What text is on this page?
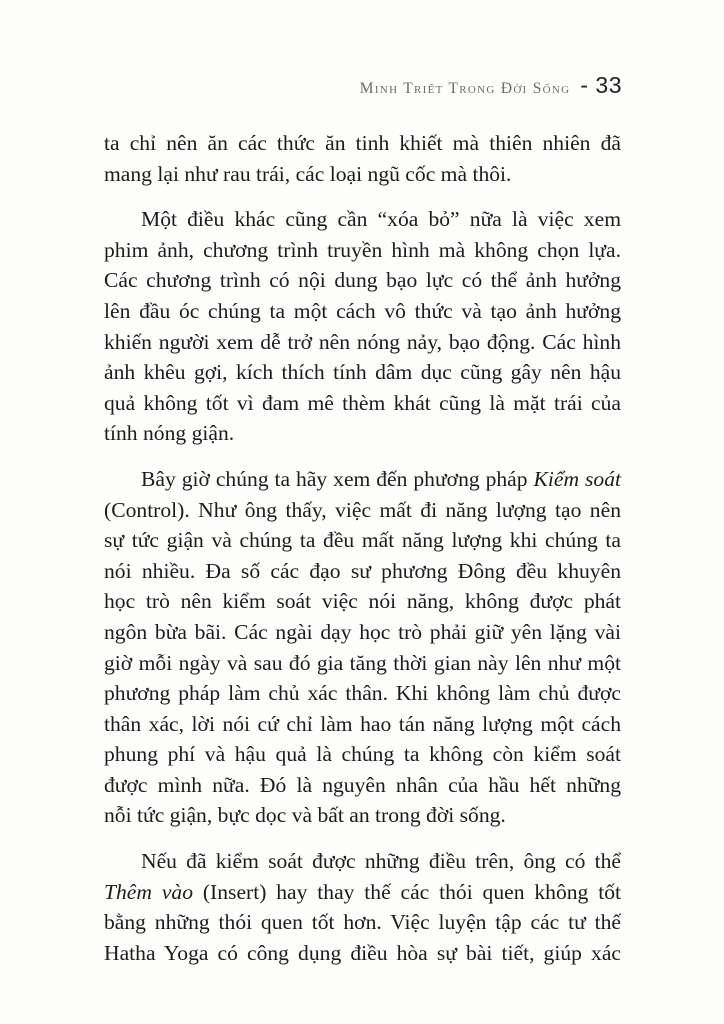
Minh Triết Trong Đời Sống - 33
ta chỉ nên ăn các thức ăn tinh khiết mà thiên nhiên đã
mang lại như rau trái, các loại ngũ cốc mà thôi.
Một điều khác cũng cần “xóa bỏ” nữa là việc xem
phim ảnh, chương trình truyền hình mà không chọn lựa.
Các chương trình có nội dung bạo lực có thể ảnh hưởng
lên đầu óc chúng ta một cách vô thức và tạo ảnh hưởng
khiến người xem dễ trở nên nóng nảy, bạo động. Các hình
ảnh khêu gợi, kích thích tính dâm dục cũng gây nên hậu
quả không tốt vì đam mê thèm khát cũng là mặt trái của
tính nóng giận.
Bây giờ chúng ta hãy xem đến phương pháp Kiểm soát
(Control). Như ông thấy, việc mất đi năng lượng tạo nên
sự tức giận và chúng ta đều mất năng lượng khi chúng ta
nói nhiều. Đa số các đạo sư phương Đông đều khuyên
học trò nên kiểm soát việc nói năng, không được phát
ngôn bừa bãi. Các ngài dạy học trò phải giữ yên lặng vài
giờ mỗi ngày và sau đó gia tăng thời gian này lên như một
phương pháp làm chủ xác thân. Khi không làm chủ được
thân xác, lời nói cứ chỉ làm hao tán năng lượng một cách
phung phí và hậu quả là chúng ta không còn kiểm soát
được mình nữa. Đó là nguyên nhân của hầu hết những
nỗi tức giận, bực dọc và bất an trong đời sống.
Nếu đã kiểm soát được những điều trên, ông có thể
Thêm vào (Insert) hay thay thế các thói quen không tốt
bằng những thói quen tốt hơn. Việc luyện tập các tư thế
Hatha Yoga có công dụng điều hòa sự bài tiết, giúp xác
